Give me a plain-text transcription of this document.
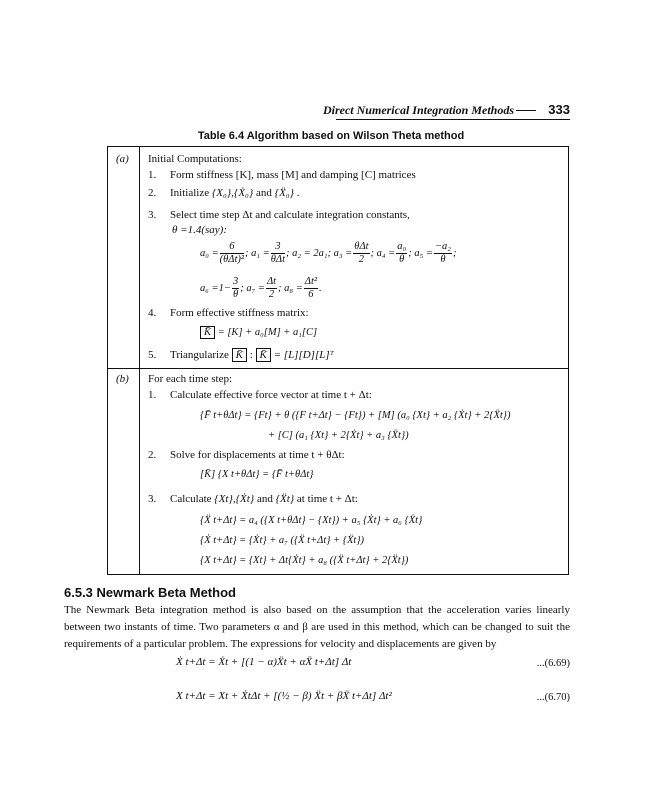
Direct Numerical Integration Methods	333
Table 6.4 Algorithm based on Wilson Theta method
(a) Initial Computations:
1. Form stiffness [K], mass [M] and damping [C] matrices
2. Initialize {X₀},{Ẋ₀} and {Ẍ₀} .
3. Select time step Δt and calculate integration constants,
θ =1.4(say):
$a_0 = \frac{6}{\text{(θΔt)²}}$ ; $a_1 = \frac{3}{\text{θΔt}}$ ; a₂ = 2a₁; $a_3 = \frac{\text{θΔt}}{2}$ ; $a_4 = \frac{\text{a₀}}{\theta}$ ; $a_5 = \frac{\text{−a₂}}{\theta}$ ;
$a_6 =1- \frac{3}{\theta}$ ; $a_7 = \frac{\Delta t}{2}$ ; $a_8 = \frac{\text{Δt²}}{6}$ .
4. Form effective stiffness matrix:
K̄ = [K] + a₀[M] + a₁[C]
5. Triangularize K̄ : K̄ = [L][D][L]ᵀ
(b) For each time step:
1. Calculate effective force vector at time t + Δt:
{F̄ t+θΔt} = {Ft} + θ ({F t+Δt} − {Ft}) + [M] (a₀ {Xt} + a₂ {Ẋt} + 2{Ẍt})
+ [C] (a₁ {Xt} + 2{Ẋt} + a₃ {Ẍt})
2. Solve for displacements at time t + θΔt:
[K̄] {X t+θΔt} = {F̄ t+θΔt}
3. Calculate {Xt},{Ẋt} and {Ẍt} at time t + Δt:
{Ẍ t+Δt} = a₄ ({X t+θΔt} − {Xt}) + a₅ {Ẋt} + a₆ {Ẍt}
{Ẋ t+Δt} = {Ẋt} + a₇ ({Ẍ t+Δt} + {Ẍt})
{X t+Δt} = {Xt} + Δt{Ẋt} + a₈ ({Ẍ t+Δt} + 2{Ẍt})
6.5.3 Newmark Beta Method
The Newmark Beta integration method is also based on the assumption that the acceleration varies linearly between two instants of time. Two parameters α and β are used in this method, which can be changed to suit the requirements of a particular problem. The expressions for velocity and displacements are given by
Ẋ t+Δt = Ẋt + [(1 − α)Ẍt + αẌ t+Δt] Δt	...(6.69)
X t+Δt = Xt + ẊtΔt + [(½ − β) Ẍt + βẌ t+Δt] Δt²	...(6.70)
